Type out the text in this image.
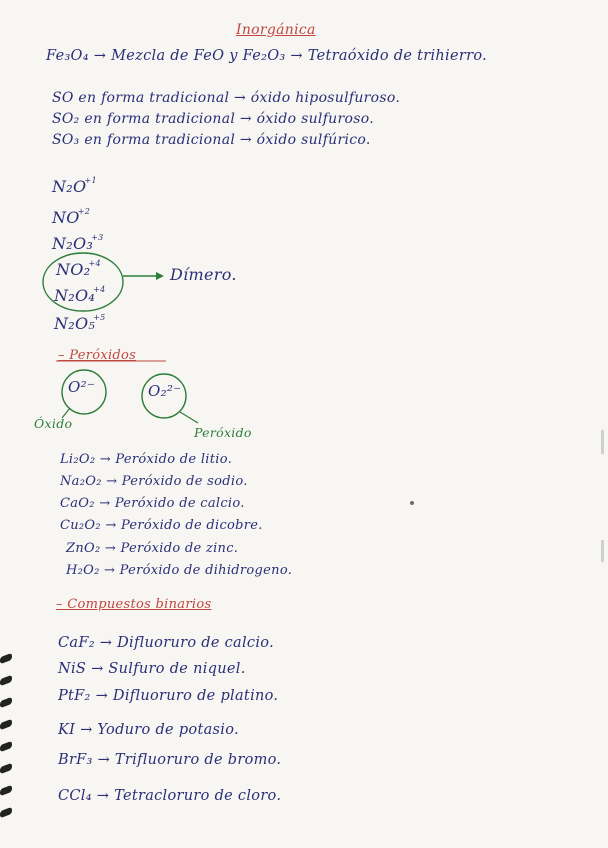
Inorgánica
Fe₃O₄ → Mezcla de FeO y Fe₂O₃ → Tetraóxido de trihierro.
SO en forma tradicional → óxido hiposulfuroso.
SO₂ en forma tradicional → óxido sulfuroso.
SO₃ en forma tradicional → óxido sulfúrico.
$N_2O^{+1}$
$NO^{+2}$
N₂O₃$^{+3}$
NO₂$^{+4}$
N₂O₄$^{+4}$
N₂O₅$^{+5}$
Dímero.
– Peróxidos
O²⁻	O₂²⁻
Óxido
Peróxido
Li₂O₂ → Peróxido de litio.
Na₂O₂ → Peróxido de sodio.
CaO₂ → Peróxido de calcio.
Cu₂O₂ → Peróxido de dicobre.
ZnO₂ → Peróxido de zinc.
H₂O₂ → Peróxido de dihidrogeno.
– Compuestos binarios
CaF₂ → Difluoruro de calcio.
NiS → Sulfuro de niquel.
PtF₂ → Difluoruro de platino.
KI → Yoduro de potasio.
BrF₃ → Trifluoruro de bromo.
CCl₄ → Tetracloruro de cloro.
